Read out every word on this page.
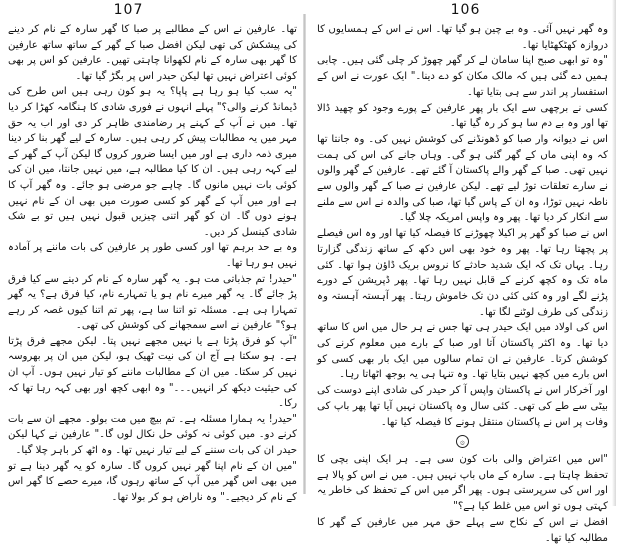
107

تھا۔ عارفین نے اس کے مطالبے پر صبا کا گھر سارہ کے نام کر دینے کی پیشکش کی تھی لیکن افضل صبا کے گھر کے ساتھ ساتھ عارفین کا گھر بھی سارہ کے نام لکھوانا چاہتی تھیں۔ عارفین کو اس پر بھی کوئی اعتراض نہیں تھا لیکن حیدر اس پر بگڑ گیا تھا۔

"یہ سب کیا ہو رہا ہے پاپا؟ یہ ہو کون رہی ہیں اس طرح کی ڈیمانڈ کرنے والی؟" پہلے انہوں نے فوری شادی کا ہنگامہ کھڑا کر دیا تھا۔ میں نے آپ کے کہنے پر رضامندی ظاہر کر دی اور اب یہ حق مہر میں یہ مطالبات پیش کر رہی ہیں۔ سارہ کے لیے گھر بنا کر دینا میری ذمہ داری ہے اور میں ایسا ضرور کروں گا لیکن آپ کے گھر کے لیے کہہ رہی ہیں۔ ان کا کیا مطالبہ ہے، میں نہیں جانتا، میں ان کی کوئی بات نہیں مانوں گا۔ چاہے جو مرضی ہو جائے۔ وہ گھر آپ کا ہے اور میں آپ کے گھر کو کسی صورت میں بھی ان کے نام نہیں ہونے دوں گا۔ ان کو گھر اتنی چیزیں قبول نہیں ہیں تو بے شک شادی کینسل کر دیں۔

وہ بے حد برہم تھا اور کسی طور پر عارفین کی بات ماننے پر آمادہ نہیں ہو رہا تھا۔

"حیدر! تم جذباتی مت ہو۔ یہ گھر سارہ کے نام کر دینے سے کیا فرق پڑ جائے گا۔ یہ گھر میرے نام ہو یا تمہارے نام، کیا فرق ہے؟ یہ گھر تمہارا ہی ہے۔ مسئلہ تو اتنا سا ہے، پھر تم اتنا کیوں غصہ کر رہے ہو؟" عارفین نے اسے سمجھانے کی کوشش کی تھی۔

"آپ کو فرق پڑتا ہے یا نہیں مجھے نہیں پتا۔ لیکن مجھے فرق پڑتا ہے۔ ہو سکتا ہے آج ان کی نیت ٹھیک ہو، لیکن میں ان پر بھروسہ نہیں کر سکتا۔ میں ان کے مطالبات ماننے کو تیار نہیں ہوں۔ آپ ان کی حیثیت دیکھ کر انہیں۔۔۔" وہ ابھی کچھ اور بھی کہہ رہا تھا کہ رکا۔

"حیدر! یہ ہمارا مسئلہ ہے۔ تم بیچ میں مت بولو۔ مجھے ان سے بات کرنے دو۔ میں کوئی نہ کوئی حل نکال لوں گا۔" عارفین نے کہا لیکن حیدر ان کی بات سننے کے لیے تیار نہیں تھا۔ وہ اٹھ کر باہر چلا گیا۔

"میں ان کے نام اپنا گھر نہیں کروں گا۔ سارہ کو یہ گھر دینا ہے تو میں بھی اس گھر میں آپ کے ساتھ رہوں گا، میرے حصے کا گھر اس کے نام کر دیجیے۔" وہ ناراض ہو کر بولا تھا۔

106

وہ گھر نہیں آئی۔ وہ بے چین ہو گیا تھا۔ اس نے اس کے ہمسایوں کا دروازہ کھٹکھٹایا تھا۔

"وہ تو ابھی صبح اپنا سامان لے کر گھر چھوڑ کر چلی گئی ہیں۔ چابی ہمیں دے گئی ہیں کہ مالک مکان کو دے دینا۔" ایک عورت نے اس کے استفسار پر اندر سے ہی بتایا تھا۔

کسی نے برچھی سے ایک بار پھر عارفین کے پورے وجود کو چھید ڈالا تھا اور وہ بے دم سا ہو کر رہ گیا تھا۔

اس نے دیوانہ وار صبا کو ڈھونڈنے کی کوشش نہیں کی۔ وہ جانتا تھا کہ وہ اپنی ماں کے گھر گئی ہو گی۔ وہاں جانے کی اس کی ہمت نہیں تھی۔ صبا کے گھر والے پاکستان آ گئے تھے۔ عارفین کے گھر والوں نے سارے تعلقات توڑ لیے تھے۔ لیکن عارفین نے صبا کے گھر والوں سے ناطہ نہیں توڑا، وہ ان کے پاس گیا تھا، صبا کی والدہ نے اس سے ملنے سے انکار کر دیا تھا۔ پھر وہ واپس امریکہ چلا گیا۔

اس نے صبا کو گھر پر اکیلا چھوڑنے کا فیصلہ کیا تھا اور وہ اس فیصلے پر پچھتا رہا تھا۔ پھر وہ خود بھی اس دکھ کے ساتھ زندگی گزارتا رہا۔ یہاں تک کہ ایک شدید حادثے کا نروس بریک ڈاؤن ہوا تھا۔ کئی ماہ تک وہ کچھ کرنے کے قابل نہیں رہا تھا۔ پھر ڈپریشن کے دورے پڑنے لگے اور وہ کئی کئی دن تک خاموش رہتا۔ پھر آہستہ آہستہ وہ زندگی کی طرف لوٹنے لگا تھا۔

اس کی اولاد میں ایک حیدر ہی تھا جس نے ہر حال میں اس کا ساتھ دیا تھا۔ وہ اکثر پاکستان آتا اور صبا کے بارے میں معلوم کرنے کی کوشش کرتا۔ عارفین نے ان تمام سالوں میں ایک بار بھی کسی کو اس بارے میں کچھ نہیں بتایا تھا۔ وہ تنہا ہی یہ بوجھ اٹھاتا رہا۔

اور آخرکار اس نے پاکستان واپس آ کر حیدر کی شادی اپنے دوست کی بیٹی سے طے کی تھی۔ کئی سال وہ پاکستان نہیں آیا تھا پھر باپ کی وفات پر اس نے پاکستان منتقل ہونے کا فیصلہ کیا تھا۔

۞

"اس میں اعتراض والی بات کون سی ہے۔ ہر ایک اپنی بچی کا تحفظ چاہتا ہے۔ سارہ کے ماں باپ نہیں ہیں۔ میں نے اس کو پالا ہے اور اس کی سرپرستی ہوں۔ پھر اگر میں اس کے تحفظ کی خاطر یہ کہتی ہوں تو اس میں غلط کیا ہے؟"

افضل نے اس کے نکاح سے پہلے حق مہر میں عارفین کے گھر کا مطالبہ کیا تھا۔
